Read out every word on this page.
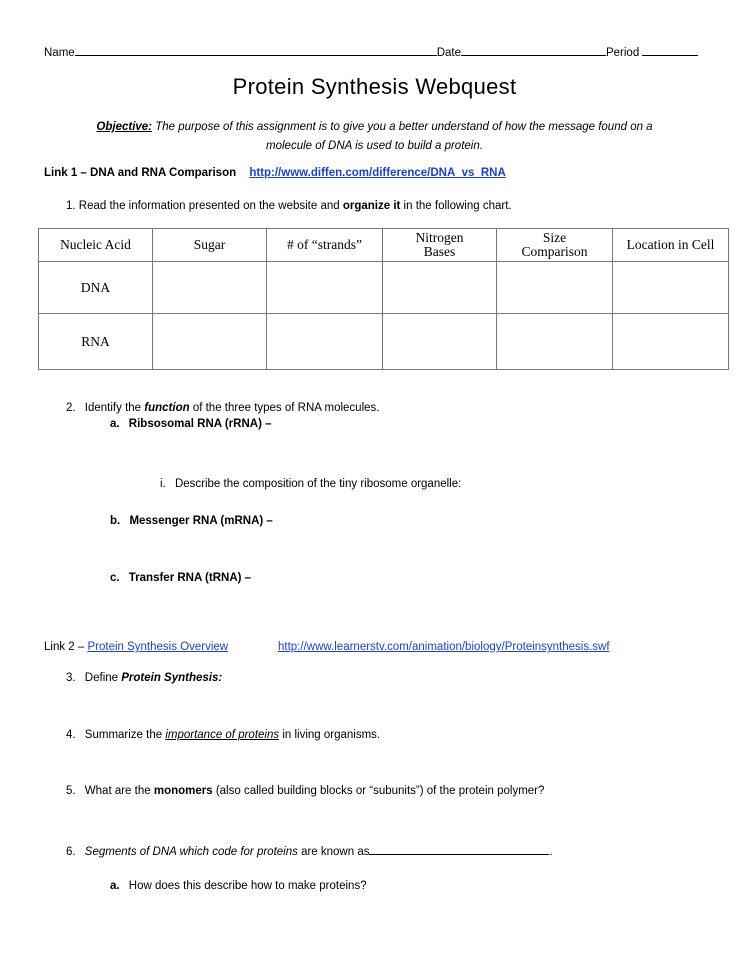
Name	Date	Period
Protein Synthesis Webquest
Objective: The purpose of this assignment is to give you a better understand of how the message found on a molecule of DNA is used to build a protein.
Link 1 – DNA and RNA Comparison http://www.diffen.com/difference/DNA_vs_RNA
1. Read the information presented on the website and organize it in the following chart.
Nucleic Acid	Sugar	# of “strands”	Nitrogen Bases	Size Comparison	Location in Cell
DNA					
RNA					
2. Identify the function of the three types of RNA molecules.
a. Ribsosomal RNA (rRNA) –
i. Describe the composition of the tiny ribosome organelle:
b. Messenger RNA (mRNA) –
c. Transfer RNA (tRNA) –
Link 2 – Protein Synthesis Overview	http://www.learnerstv.com/animation/biology/Proteinsynthesis.swf
3. Define Protein Synthesis:
4. Summarize the importance of proteins in living organisms.
5. What are the monomers (also called building blocks or “subunits”) of the protein polymer?
6. Segments of DNA which code for proteins are known as	.
a. How does this describe how to make proteins?
